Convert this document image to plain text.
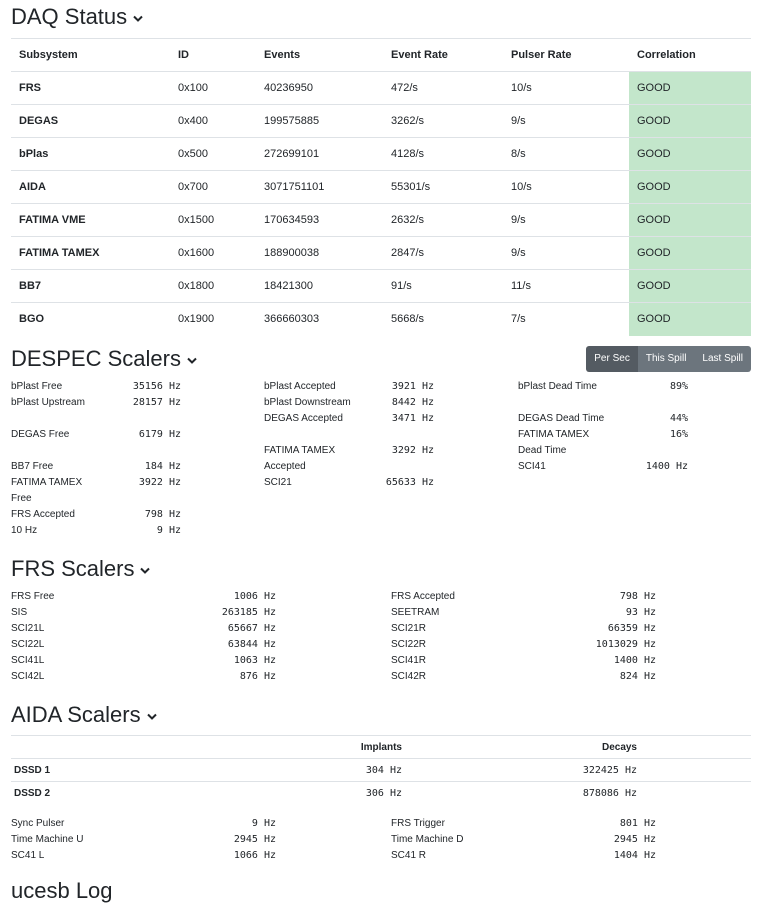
DAQ Status
Subsystem	ID	Events	Event Rate	Pulser Rate	Correlation
FRS	0x100	40236950	472/s	10/s	GOOD
DEGAS	0x400	199575885	3262/s	9/s	GOOD
bPlas	0x500	272699101	4128/s	8/s	GOOD
AIDA	0x700	3071751101	55301/s	10/s	GOOD
FATIMA VME	0x1500	170634593	2632/s	9/s	GOOD
FATIMA TAMEX	0x1600	188900038	2847/s	9/s	GOOD
BB7	0x1800	18421300	91/s	11/s	GOOD
BGO	0x1900	366660303	5668/s	7/s	GOOD
DESPEC Scalers	Per Sec	This Spill	Last Spill
bPlast Free	35156 Hz
bPlast Upstream	28157 Hz
DEGAS Free	6179 Hz
BB7 Free	184 Hz
FATIMA TAMEX Free
3922 Hz
FRS Accepted	798 Hz
10 Hz	9 Hz
bPlast Accepted	3921 Hz
bPlast Downstream	8442 Hz
DEGAS Accepted	3471 Hz
FATIMA TAMEX Accepted
3292 Hz
SCI21	65633 Hz
bPlast Dead Time	89%
DEGAS Dead Time	44%
FATIMA TAMEX Dead Time
16%
SCI41	1400 Hz
FRS Scalers
FRS Free	1006 Hz
SIS	263185 Hz
SCI21L	65667 Hz
SCI22L	63844 Hz
SCI41L	1063 Hz
SCI42L	876 Hz
FRS Accepted	798 Hz
SEETRAM	93 Hz
SCI21R	66359 Hz
SCI22R	1013029 Hz
SCI41R	1400 Hz
SCI42R	824 Hz
AIDA Scalers
	Implants	Decays	
DSSD 1	304 Hz	322425 Hz	
DSSD 2	306 Hz	878086 Hz	
Sync Pulser	9 Hz
Time Machine U	2945 Hz
SC41 L	1066 Hz
FRS Trigger	801 Hz
Time Machine D	2945 Hz
SC41 R	1404 Hz
ucesb Log
